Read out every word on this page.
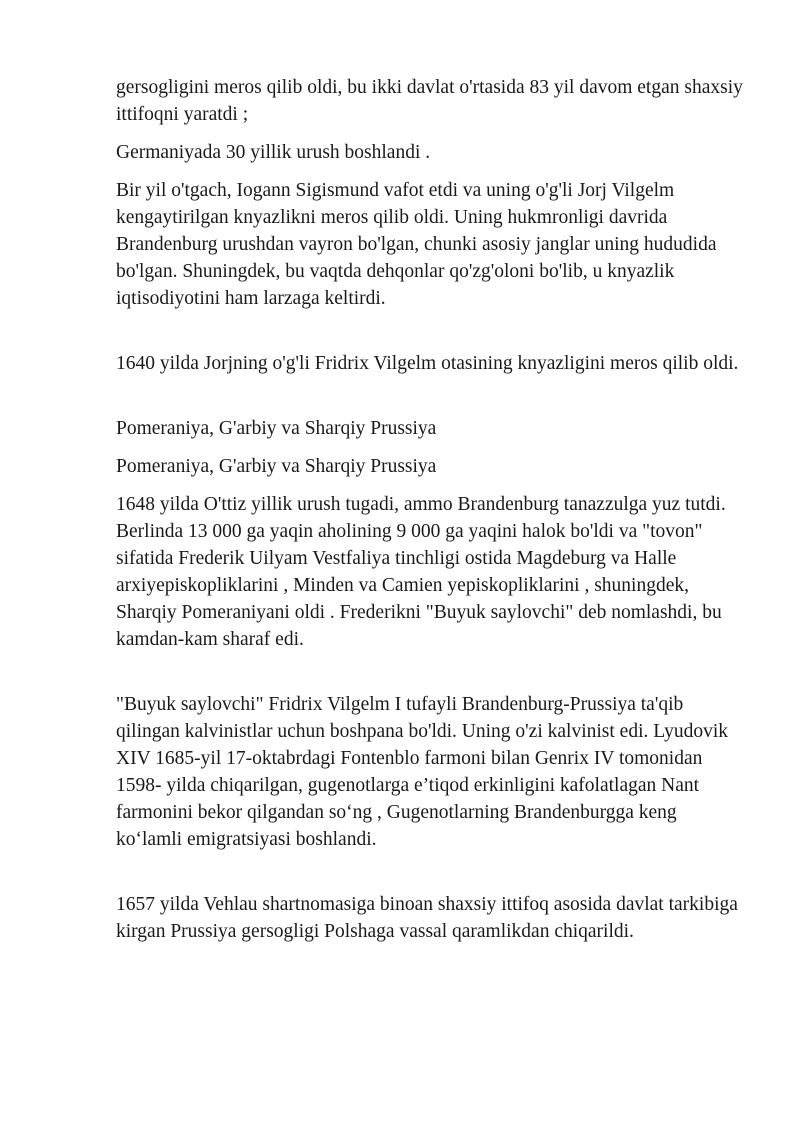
gersogligini meros qilib oldi, bu ikki davlat o'rtasida 83 yil davom etgan shaxsiy ittifoqni yaratdi ;

Germaniyada 30 yillik urush boshlandi .

Bir yil o'tgach, Iogann Sigismund vafot etdi va uning o'g'li Jorj Vilgelm kengaytirilgan knyazlikni meros qilib oldi. Uning hukmronligi davrida Brandenburg urushdan vayron bo'lgan, chunki asosiy janglar uning hududida bo'lgan. Shuningdek, bu vaqtda dehqonlar qo'zg'oloni bo'lib, u knyazlik iqtisodiyotini ham larzaga keltirdi.

1640 yilda Jorjning o'g'li Fridrix Vilgelm otasining knyazligini meros qilib oldi.

Pomeraniya, G'arbiy va Sharqiy Prussiya

Pomeraniya, G'arbiy va Sharqiy Prussiya

1648 yilda O'ttiz yillik urush tugadi, ammo Brandenburg tanazzulga yuz tutdi. Berlinda 13 000 ga yaqin aholining 9 000 ga yaqini halok bo'ldi va "tovon" sifatida Frederik Uilyam Vestfaliya tinchligi ostida Magdeburg va Halle arxiyepiskopliklarini , Minden va Camien yepiskopliklarini , shuningdek, Sharqiy Pomeraniyani oldi . Frederikni "Buyuk saylovchi" deb nomlashdi, bu kamdan-kam sharaf edi.

"Buyuk saylovchi" Fridrix Vilgelm I tufayli Brandenburg-Prussiya ta'qib qilingan kalvinistlar uchun boshpana bo'ldi. Uning o'zi kalvinist edi. Lyudovik XIV 1685-yil 17-oktabrdagi Fontenblo farmoni bilan Genrix IV tomonidan 1598- yilda chiqarilgan, gugenotlarga e’tiqod erkinligini kafolatlagan Nant farmonini bekor qilgandan so‘ng , Gugenotlarning Brandenburgga keng ko‘lamli emigratsiyasi boshlandi.

1657 yilda Vehlau shartnomasiga binoan shaxsiy ittifoq asosida davlat tarkibiga kirgan Prussiya gersogligi Polshaga vassal qaramlikdan chiqarildi.
